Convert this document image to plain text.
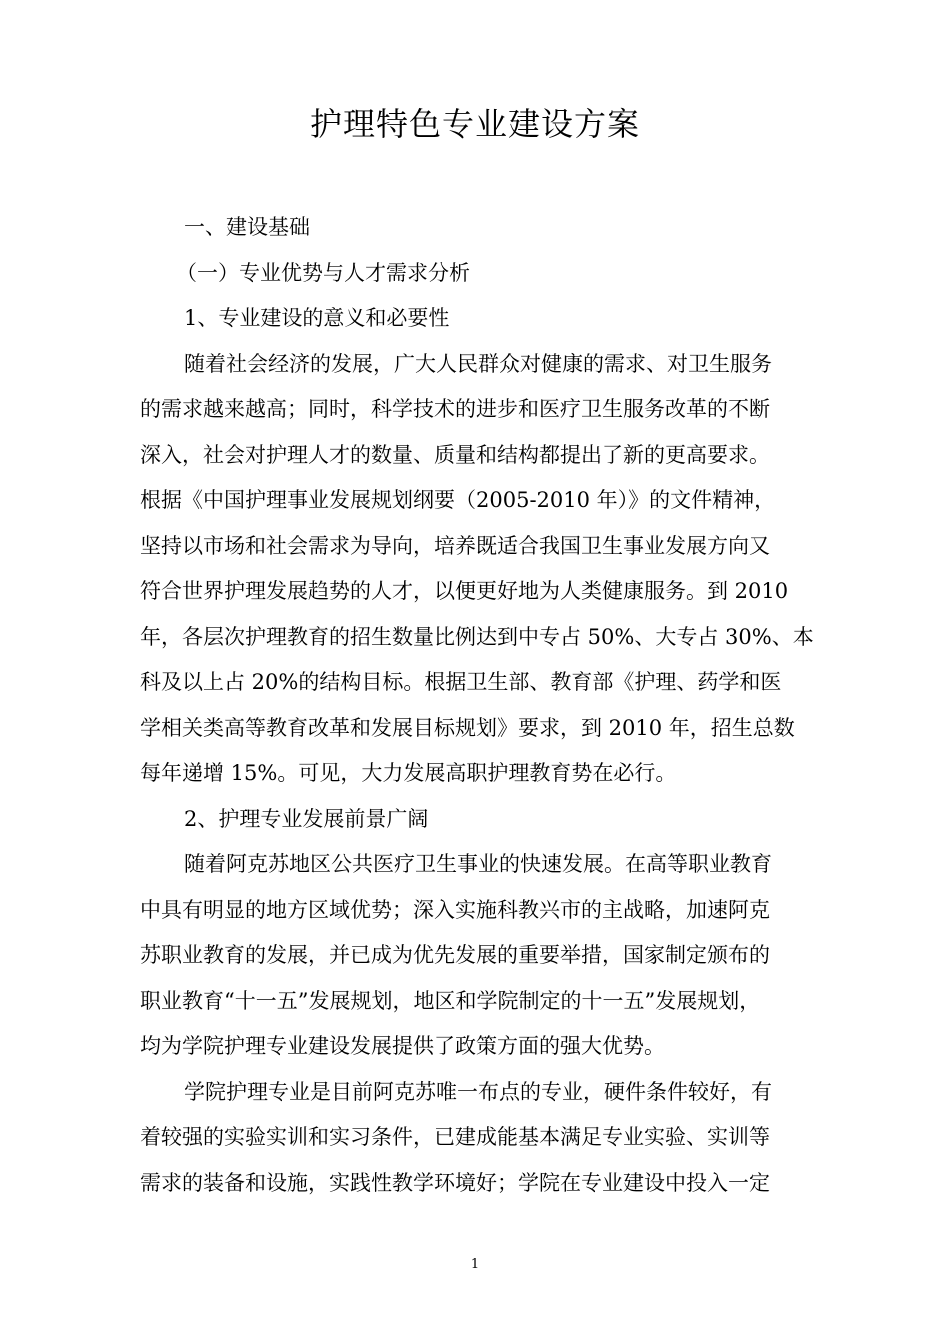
护理特色专业建设方案
一、建设基础
（一）专业优势与人才需求分析
1、专业建设的意义和必要性
随着社会经济的发展，广大人民群众对健康的需求、对卫生服务
的需求越来越高；同时，科学技术的进步和医疗卫生服务改革的不断
深入，社会对护理人才的数量、质量和结构都提出了新的更高要求。
根据《中国护理事业发展规划纲要（2005-2010 年）》的文件精神，
坚持以市场和社会需求为导向，培养既适合我国卫生事业发展方向又
符合世界护理发展趋势的人才，以便更好地为人类健康服务。到 2010
年，各层次护理教育的招生数量比例达到中专占 50%、大专占 30%、本
科及以上占 20%的结构目标。根据卫生部、教育部《护理、药学和医
学相关类高等教育改革和发展目标规划》要求，到 2010 年，招生总数
每年递增 15%。可见，大力发展高职护理教育势在必行。
2、护理专业发展前景广阔
随着阿克苏地区公共医疗卫生事业的快速发展。在高等职业教育
中具有明显的地方区域优势；深入实施科教兴市的主战略，加速阿克
苏职业教育的发展，并已成为优先发展的重要举措，国家制定颁布的
职业教育“十一五”发展规划，地区和学院制定的十一五”发展规划，
均为学院护理专业建设发展提供了政策方面的强大优势。
学院护理专业是目前阿克苏唯一布点的专业，硬件条件较好，有
着较强的实验实训和实习条件，已建成能基本满足专业实验、实训等
需求的装备和设施，实践性教学环境好；学院在专业建设中投入一定
1
